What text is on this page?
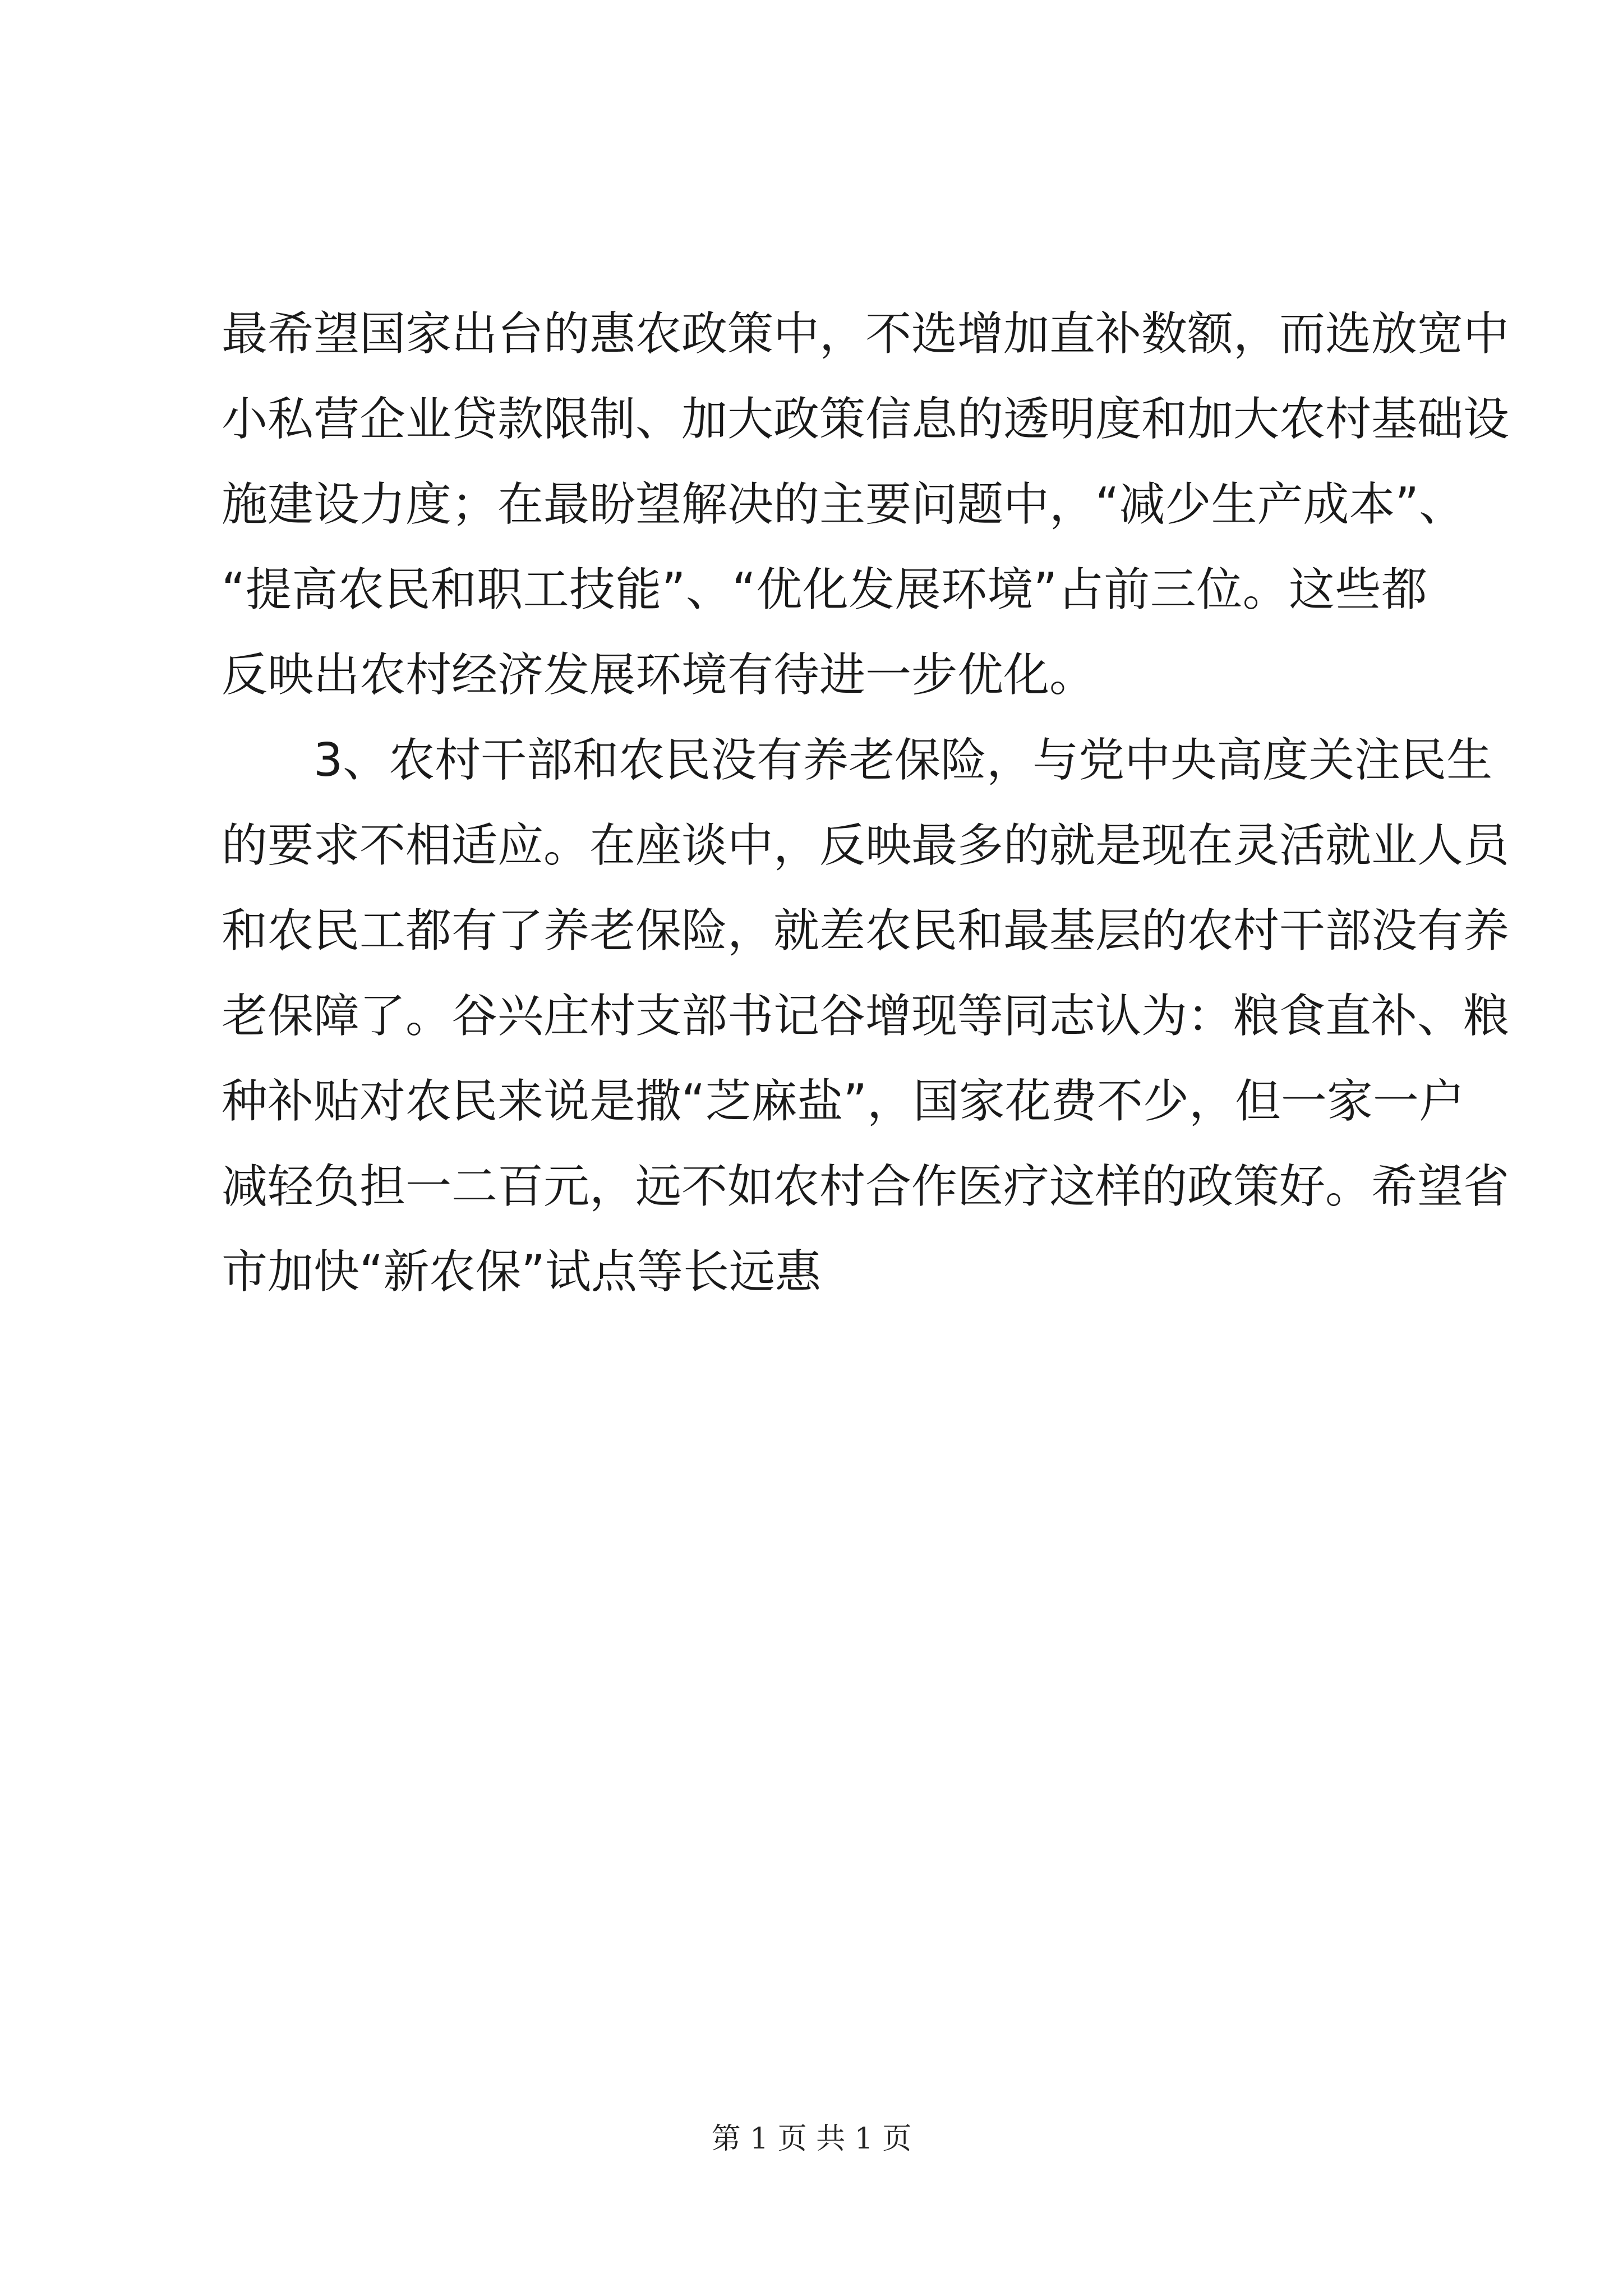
最希望国家出台的惠农政策中，不选增加直补数额，而选放宽中
小私营企业贷款限制、加大政策信息的透明度和加大农村基础设
施建设力度；在最盼望解决的主要问题中，“减少生产成本”、
“提高农民和职工技能”、“优化发展环境”占前三位。这些都
反映出农村经济发展环境有待进一步优化。
3、农村干部和农民没有养老保险，与党中央高度关注民生
的要求不相适应。在座谈中，反映最多的就是现在灵活就业人员
和农民工都有了养老保险，就差农民和最基层的农村干部没有养
老保障了。谷兴庄村支部书记谷增现等同志认为：粮食直补、粮
种补贴对农民来说是撒“芝麻盐”，国家花费不少，但一家一户
减轻负担一二百元，远不如农村合作医疗这样的政策好。希望省
市加快“新农保”试点等长远惠
第 1 页 共 1 页
